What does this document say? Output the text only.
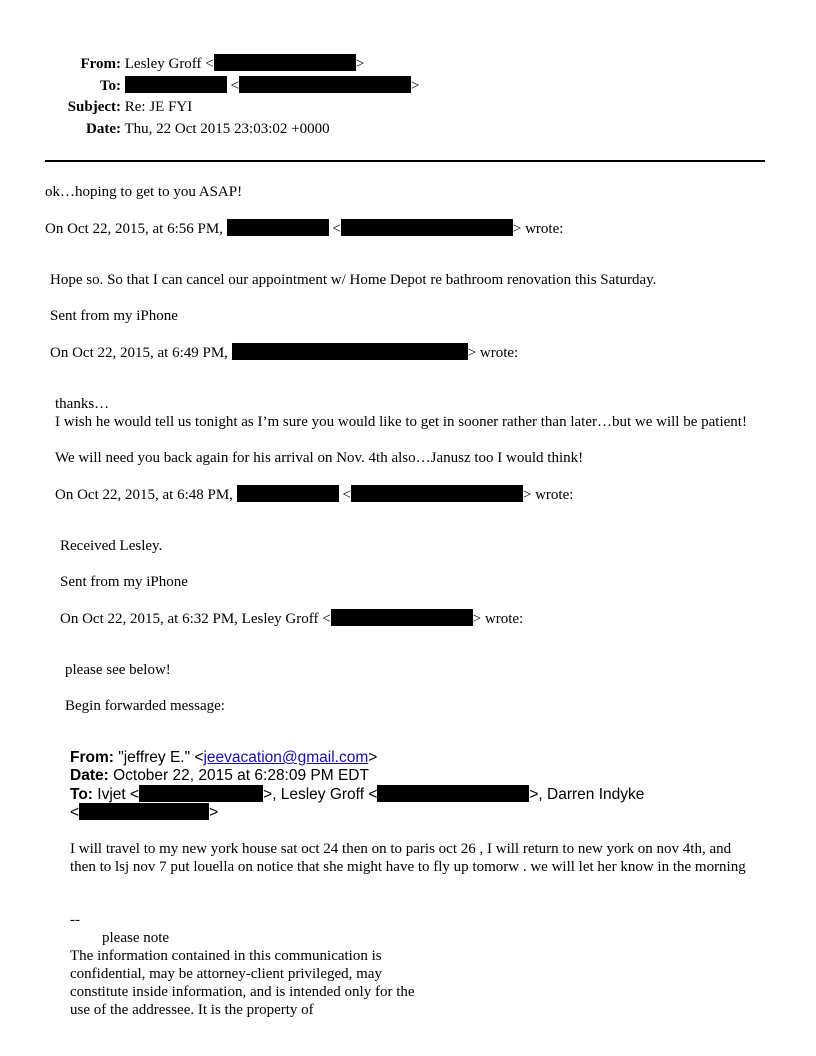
From: Lesley Groff <	>
To:	<	>
Subject: Re: JE FYI
Date: Thu, 22 Oct 2015 23:03:02 +0000
ok…hoping to get to you ASAP!
On Oct 22, 2015, at 6:56 PM,	<	> wrote:
Hope so. So that I can cancel our appointment w/ Home Depot re bathroom renovation this Saturday.
Sent from my iPhone
On Oct 22, 2015, at 6:49 PM,	> wrote:
thanks…
I wish he would tell us tonight as I’m sure you would like to get in sooner rather than later…but we will be patient!
We will need you back again for his arrival on Nov. 4th also…Janusz too I would think!
On Oct 22, 2015, at 6:48 PM,	<	> wrote:
Received Lesley.
Sent from my iPhone
On Oct 22, 2015, at 6:32 PM, Lesley Groff <	> wrote:
please see below!
Begin forwarded message:
From: "jeffrey E." <jeevacation@gmail.com>
Date: October 22, 2015 at 6:28:09 PM EDT
To: Ivjet <	>, Lesley Groff <	>, Darren Indyke
<	>
I will travel to my new york house sat oct 24 then on to paris oct 26 , I will return to new york on nov 4th, and then to lsj nov 7 put louella on notice that she might have to fly up tomorw . we will let her know in the morning
--
please note
The information contained in this communication is confidential, may be attorney-client privileged, may constitute inside information, and is intended only for the use of the addressee. It is the property of
